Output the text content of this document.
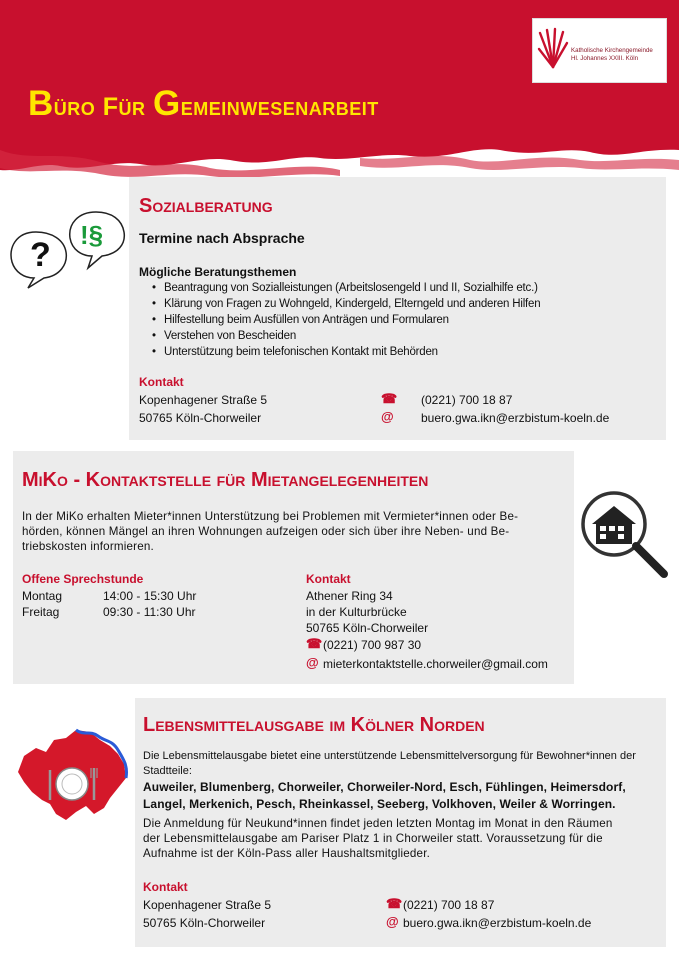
Büro für Gemeinwesenarbeit
Katholische Kirchengemeinde
Hl. Johannes XXIII. Köln
?
!§
Sozialberatung
Termine nach Absprache
Mögliche Beratungsthemen
• Beantragung von Sozialleistungen (Arbeitslosengeld I und II, Sozialhilfe etc.)
• Klärung von Fragen zu Wohngeld, Kindergeld, Elterngeld und anderen Hilfen
• Hilfestellung beim Ausfüllen von Anträgen und Formularen
• Verstehen von Bescheiden
• Unterstützung beim telefonischen Kontakt mit Behörden
Kontakt
Kopenhagener Straße 5
50765 Köln-Chorweiler
☎
@
(0221) 700 18 87
buero.gwa.ikn@erzbistum-koeln.de
MiKo - Kontaktstelle für Mietangelegenheiten
In der MiKo erhalten Mieter*innen Unterstützung bei Problemen mit Vermieter*innen oder Be-
hörden, können Mängel an ihren Wohnungen aufzeigen oder sich über ihre Neben- und Be-
triebskosten informieren.
Offene Sprechstunde
Montag	14:00 - 15:30 Uhr
Freitag	09:30 - 11:30 Uhr
Kontakt
Athener Ring 34
in der Kulturbrücke
50765 Köln-Chorweiler
☎ (0221) 700 987 30
@ mieterkontaktstelle.chorweiler@gmail.com
Lebensmittelausgabe im Kölner Norden
Die Lebensmittelausgabe bietet eine unterstützende Lebensmittelversorgung für Bewohner*innen der
Stadtteile:
Auweiler, Blumenberg, Chorweiler, Chorweiler-Nord, Esch, Fühlingen, Heimersdorf,
Langel, Merkenich, Pesch, Rheinkassel, Seeberg, Volkhoven, Weiler & Worringen.
Die Anmeldung für Neukund*innen findet jeden letzten Montag im Monat in den Räumen
der Lebensmittelausgabe am Pariser Platz 1 in Chorweiler statt. Voraussetzung für die
Aufnahme ist der Köln-Pass aller Haushaltsmitglieder.
Kontakt
Kopenhagener Straße 5
50765 Köln-Chorweiler
☎ (0221) 700 18 87
@ buero.gwa.ikn@erzbistum-koeln.de
